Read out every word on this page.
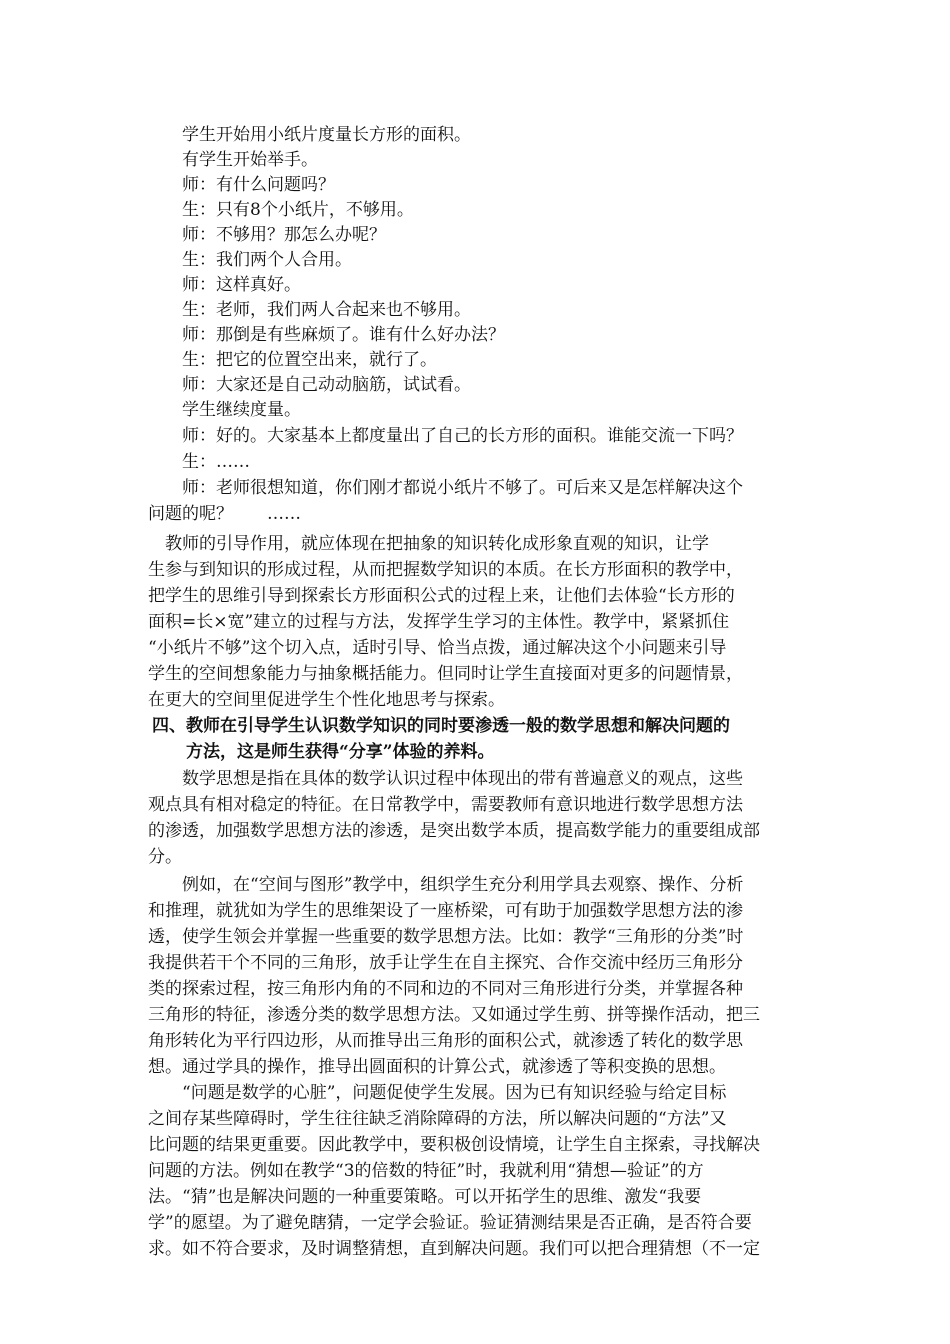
学生开始用小纸片度量长方形的面积。
有学生开始举手。
师：有什么问题吗？
生：只有8个小纸片，不够用。
师：不够用？那怎么办呢？
生：我们两个人合用。
师：这样真好。
生：老师，我们两人合起来也不够用。
师：那倒是有些麻烦了。谁有什么好办法？
生：把它的位置空出来，就行了。
师：大家还是自己动动脑筋，试试看。
学生继续度量。
师：好的。大家基本上都度量出了自己的长方形的面积。谁能交流一下吗？
生：……
师：老师很想知道，你们刚才都说小纸片不够了。可后来又是怎样解决这个
问题的呢？　　……
　教师的引导作用，就应体现在把抽象的知识转化成形象直观的知识，让学
生参与到知识的形成过程，从而把握数学知识的本质。在长方形面积的教学中，
把学生的思维引导到探索长方形面积公式的过程上来，让他们去体验“长方形的
面积=长×宽”建立的过程与方法，发挥学生学习的主体性。教学中，紧紧抓住
“小纸片不够”这个切入点，适时引导、恰当点拨，通过解决这个小问题来引导
学生的空间想象能力与抽象概括能力。但同时让学生直接面对更多的问题情景，
在更大的空间里促进学生个性化地思考与探索。
四、教师在引导学生认识数学知识的同时要渗透一般的数学思想和解决问题的
　　方法，这是师生获得“分享”体验的养料。
数学思想是指在具体的数学认识过程中体现出的带有普遍意义的观点，这些
观点具有相对稳定的特征。在日常教学中，需要教师有意识地进行数学思想方法
的渗透，加强数学思想方法的渗透，是突出数学本质，提高数学能力的重要组成部
分。
例如，在“空间与图形”教学中，组织学生充分利用学具去观察、操作、分析
和推理，就犹如为学生的思维架设了一座桥梁，可有助于加强数学思想方法的渗
透，使学生领会并掌握一些重要的数学思想方法。比如：教学“三角形的分类”时
我提供若干个不同的三角形，放手让学生在自主探究、合作交流中经历三角形分
类的探索过程，按三角形内角的不同和边的不同对三角形进行分类，并掌握各种
三角形的特征，渗透分类的数学思想方法。又如通过学生剪、拼等操作活动，把三
角形转化为平行四边形，从而推导出三角形的面积公式，就渗透了转化的数学思
想。通过学具的操作，推导出圆面积的计算公式，就渗透了等积变换的思想。
“问题是数学的心脏”，问题促使学生发展。因为已有知识经验与给定目标
之间存某些障碍时，学生往往缺乏消除障碍的方法，所以解决问题的“方法”又
比问题的结果更重要。因此教学中，要积极创设情境，让学生自主探索，寻找解决
问题的方法。例如在教学“3的倍数的特征”时，我就利用“猜想—验证”的方
法。“猜”也是解决问题的一种重要策略。可以开拓学生的思维、激发“我要
学”的愿望。为了避免瞎猜，一定学会验证。验证猜测结果是否正确，是否符合要
求。如不符合要求，及时调整猜想，直到解决问题。我们可以把合理猜想（不一定
